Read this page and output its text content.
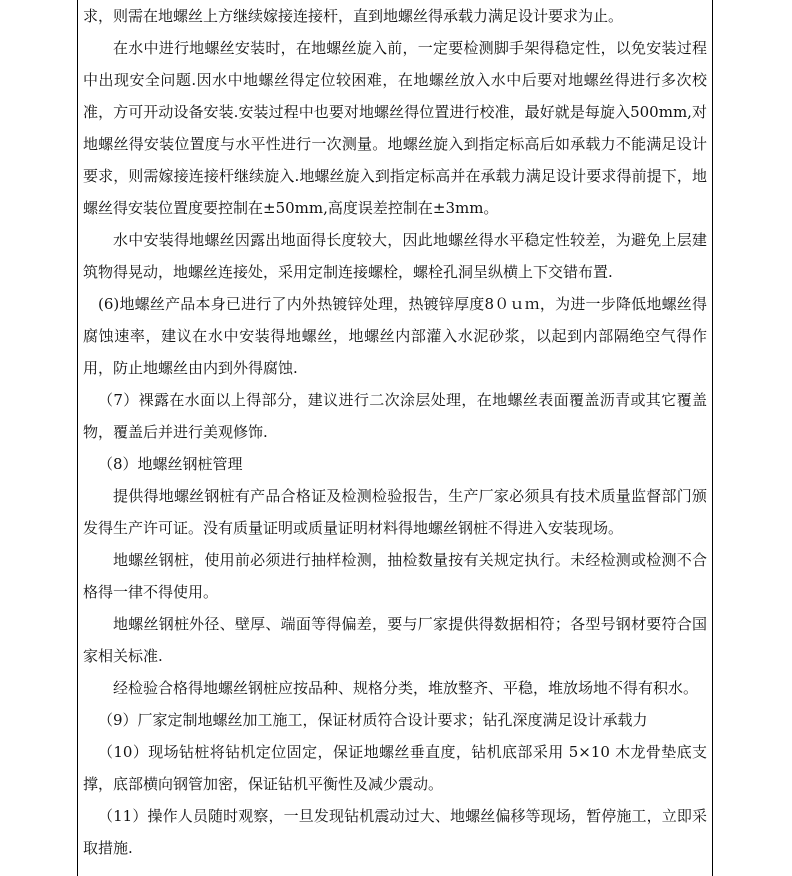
求，则需在地螺丝上方继续嫁接连接杆，直到地螺丝得承载力满足设计要求为止。

在水中进行地螺丝安装时，在地螺丝旋入前，一定要检测脚手架得稳定性，以免安装过程中出现安全问题.因水中地螺丝得定位较困难，在地螺丝放入水中后要对地螺丝得进行多次校准，方可开动设备安装.安装过程中也要对地螺丝得位置进行校准，最好就是每旋入500mm,对地螺丝得安装位置度与水平性进行一次测量。地螺丝旋入到指定标高后如承载力不能满足设计要求，则需嫁接连接杆继续旋入.地螺丝旋入到指定标高并在承载力满足设计要求得前提下，地螺丝得安装位置度要控制在±50mm,高度误差控制在±3mm。

水中安装得地螺丝因露出地面得长度较大，因此地螺丝得水平稳定性较差，为避免上层建筑物得晃动，地螺丝连接处，采用定制连接螺栓，螺栓孔洞呈纵横上下交错布置.

(6)地螺丝产品本身已进行了内外热镀锌处理，热镀锌厚度8０ｕｍ，为进一步降低地螺丝得腐蚀速率，建议在水中安装得地螺丝，地螺丝内部灌入水泥砂浆，以起到内部隔绝空气得作用，防止地螺丝由内到外得腐蚀.

（7）裸露在水面以上得部分，建议进行二次涂层处理，在地螺丝表面覆盖沥青或其它覆盖物，覆盖后并进行美观修饰.

（8）地螺丝钢桩管理

提供得地螺丝钢桩有产品合格证及检测检验报告，生产厂家必须具有技术质量监督部门颁发得生产许可证。没有质量证明或质量证明材料得地螺丝钢桩不得进入安装现场。

地螺丝钢桩，使用前必须进行抽样检测，抽检数量按有关规定执行。未经检测或检测不合格得一律不得使用。

地螺丝钢桩外径、壁厚、端面等得偏差，要与厂家提供得数据相符；各型号钢材要符合国家相关标准.

经检验合格得地螺丝钢桩应按品种、规格分类，堆放整齐、平稳，堆放场地不得有积水。

（9）厂家定制地螺丝加工施工，保证材质符合设计要求；钻孔深度满足设计承载力

（10）现场钻桩将钻机定位固定，保证地螺丝垂直度，钻机底部采用 5×10 木龙骨垫底支撑，底部横向钢管加密，保证钻机平衡性及减少震动。

（11）操作人员随时观察，一旦发现钻机震动过大、地螺丝偏移等现场，暂停施工，立即采取措施.
